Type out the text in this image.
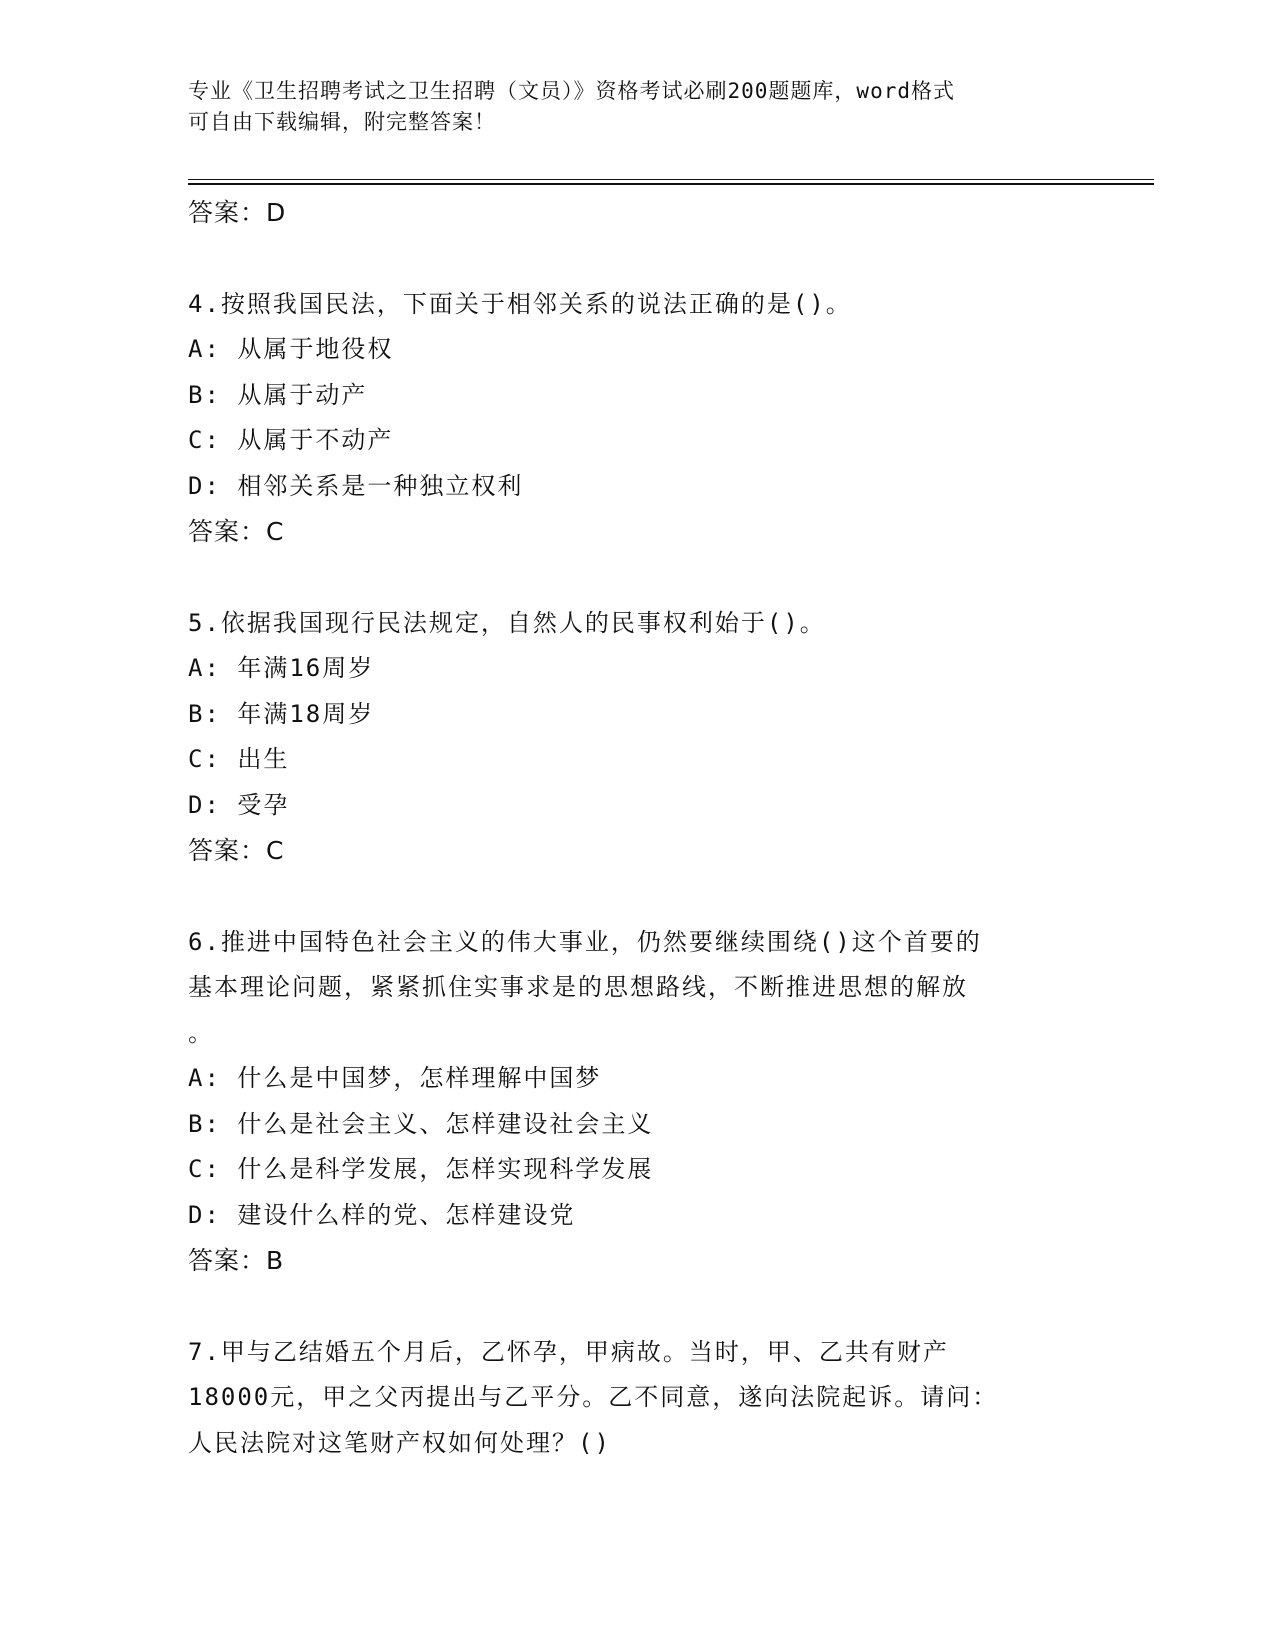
专业《卫生招聘考试之卫生招聘（文员）》资格考试必刷200题题库，word格式
可自由下载编辑，附完整答案！
答案：D
4.按照我国民法，下面关于相邻关系的说法正确的是()。
A: 从属于地役权
B: 从属于动产
C: 从属于不动产
D: 相邻关系是一种独立权利
答案：C
5.依据我国现行民法规定，自然人的民事权利始于()。
A: 年满16周岁
B: 年满18周岁
C: 出生
D: 受孕
答案：C
6.推进中国特色社会主义的伟大事业，仍然要继续围绕()这个首要的
基本理论问题，紧紧抓住实事求是的思想路线，不断推进思想的解放
。
A: 什么是中国梦，怎样理解中国梦
B: 什么是社会主义、怎样建设社会主义
C: 什么是科学发展，怎样实现科学发展
D: 建设什么样的党、怎样建设党
答案：B
7.甲与乙结婚五个月后，乙怀孕，甲病故。当时，甲、乙共有财产
18000元，甲之父丙提出与乙平分。乙不同意，遂向法院起诉。请问：
人民法院对这笔财产权如何处理？()
